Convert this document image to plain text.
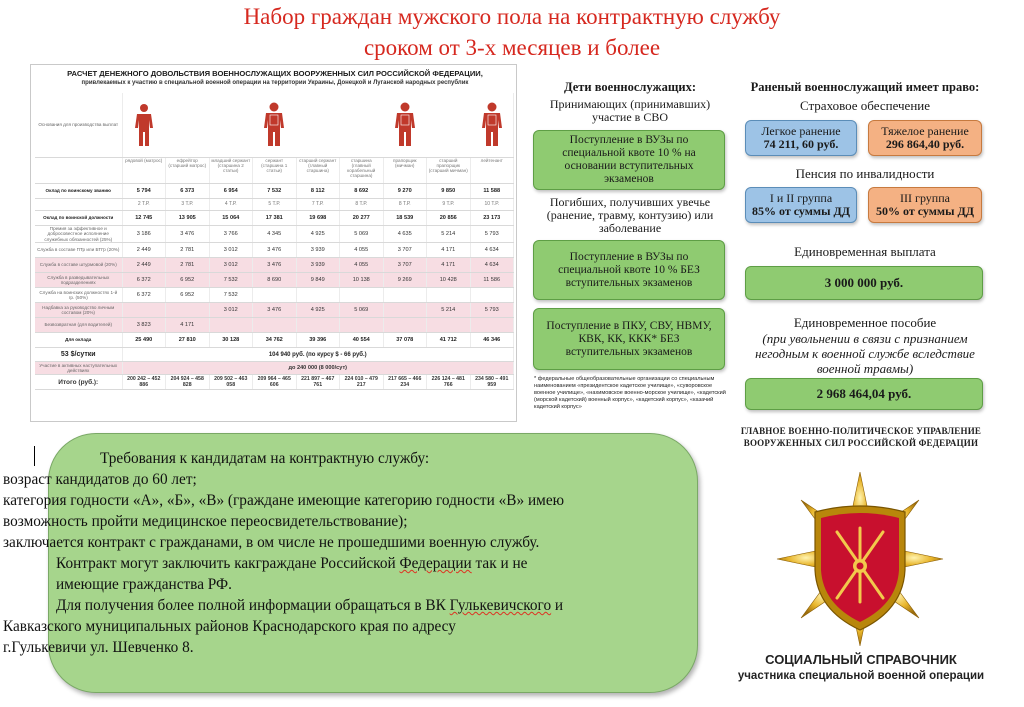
Набор граждан мужского пола на контрактную службу
сроком от 3-х месяцев и более
РАСЧЕТ ДЕНЕЖНОГО ДОВОЛЬСТВИЯ ВОЕННОСЛУЖАЩИХ ВООРУЖЕННЫХ СИЛ РОССИЙСКОЙ ФЕДЕРАЦИИ,
привлекаемых к участию в специальной военной операции на территории Украины, Донецкой и Луганской народных республик
Основания для производства выплат	

	рядовой (матрос)	ефрейтор (старший матрос)	младший сержант (старшина 2 статьи)	сержант (старшина 1 статьи)	старший сержант (главный старшина)	старшина (главный корабельный старшина)	прапорщик (мичман)	старший прапорщик (старший мичман)	лейтенант
Оклад по воинскому званию	5 794	6 373	6 954	7 532	8 112	8 692	9 270	9 850	11 588
	2 Т.Р.	3 Т.Р.	4 Т.Р.	5 Т.Р.	7 Т.Р.	8 Т.Р.	8 Т.Р.	9 Т.Р.	10 Т.Р.
Оклад по воинской должности	12 745	13 905	15 064	17 381	19 698	20 277	18 539	20 856	23 173
Премия за эффективное и добросовестное исполнение служебных обязанностей (25%)	3 186	3 476	3 766	4 345	4 925	5 069	4 635	5 214	5 793
Служба в составе ПТр или БТГр (20%)	2 449	2 781	3 012	3 476	3 939	4 055	3 707	4 171	4 634
Служба в составе штурмовой (20%)	2 449	2 781	3 012	3 476	3 939	4 055	3 707	4 171	4 634
Служба в разведывательных подразделениях	6 372	6 952	7 532	8 690	9 849	10 138	9 269	10 428	11 586
Служба на воинских должностях 1-й гр. (50%)	6 372	6 952	7 532						
Надбавка за руководство личным составом (20%)			3 012	3 476	4 925	5 069		5 214	5 793
Безвозвратная (для водителей)	3 823	4 171							
Для оклада	25 490	27 810	30 128	34 762	39 396	40 554	37 078	41 712	46 346
53 $/сутки	104 940 руб. (по курсу $ - 66 руб.)								
Участие в активных наступательных действиях	до 240 000 (8 000/сут)								
Итого (руб.):	200 242 – 452 886	204 924 – 458 828	209 502 – 463 058	209 964 – 465 606	221 897 – 467 761	224 010 – 479 217	217 665 – 466 234	226 124 – 481 766	234 580 – 491 959
Дети военнослужащих:
Принимающих (принимавших) участие в СВО
Поступление в ВУЗы по специальной квоте 10 % на основании вступительных экзаменов
Погибших, получивших увечье (ранение, травму, контузию) или заболевание
Поступление в ВУЗы по специальной квоте 10 % БЕЗ вступительных экзаменов
Поступление в ПКУ, СВУ, НВМУ, КВК, КК, ККК* БЕЗ вступительных экзаменов
* федеральные общеобразовательные организации со специальным наименованием «президентское кадетское училище», «суворовское военное училище», «нахимовское военно-морское училище», «кадетский (морской кадетский) военный корпус», «кадетский корпус», «казачий кадетский корпус»
Раненый военнослужащий имеет право:
Страховое обеспечение
Легкое ранение
74 211, 60 руб.
Тяжелое ранение
296 864,40 руб.
Пенсия по инвалидности
I и II группа
85% от суммы ДД
III группа
50% от суммы ДД
Единовременная выплата
3 000 000 руб.
Единовременное пособие
(при увольнении в связи с признанием негодным к военной службе вследствие военной травмы)
2 968 464,04 руб.

Требования к кандидатам на контрактную службу:

возраст кандидатов до 60 лет;

категория годности «А», «Б», «В» (граждане имеющие категорию годности «В» имею

возможность пройти медицинское переосвидетельствование);

заключается контракт с гражданами, в ом числе не прошедшими военную службу.

Контракт могут заключить какграждане Российской Федерации так и не

имеющие гражданства РФ.

Для получения более полной информации обращаться в ВК Гулькевичского и

Кавказского муниципальных районов Краснодарского края по адресу

г.Гулькевичи ул. Шевченко 8.

ГЛАВНОЕ ВОЕННО-ПОЛИТИЧЕСКОЕ УПРАВЛЕНИЕ
ВООРУЖЕННЫХ СИЛ РОССИЙСКОЙ ФЕДЕРАЦИИ
СОЦИАЛЬНЫЙ СПРАВОЧНИК
участника специальной военной операции
